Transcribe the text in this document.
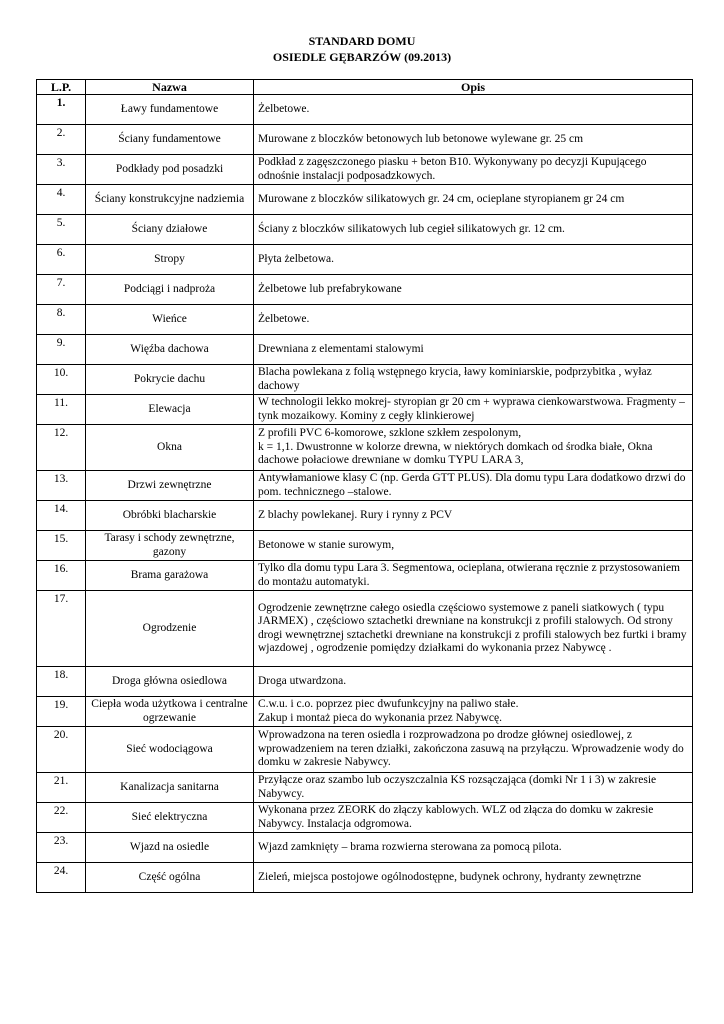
STANDARD DOMU
OSIEDLE GĘBARZÓW (09.2013)
L.P.	Nazwa	Opis
1.	Ławy fundamentowe	Żelbetowe.
2.	Ściany fundamentowe	Murowane z bloczków betonowych lub betonowe wylewane gr. 25 cm
3.	Podkłady pod posadzki	Podkład z zagęszczonego piasku + beton B10. Wykonywany po decyzji Kupującego odnośnie instalacji podposadzkowych.
4.	Ściany konstrukcyjne nadziemia	Murowane z bloczków silikatowych gr. 24 cm, ocieplane styropianem gr 24 cm
5.	Ściany działowe	Ściany z bloczków silikatowych lub cegieł silikatowych gr. 12 cm.
6.	Stropy	Płyta żelbetowa.
7.	Podciągi i nadproża	Żelbetowe lub prefabrykowane
8.	Wieńce	Żelbetowe.
9.	Więźba dachowa	Drewniana z elementami stalowymi
10.	Pokrycie dachu	Blacha powlekana z folią wstępnego krycia, ławy kominiarskie, podprzybitka , wyłaz dachowy
11.	Elewacja	W technologii lekko mokrej- styropian gr 20 cm + wyprawa cienkowarstwowa. Fragmenty – tynk mozaikowy. Kominy z cegły klinkierowej
12.	Okna	Z profili PVC 6-komorowe, szklone szkłem zespolonym,
k = 1,1. Dwustronne w kolorze drewna, w niektórych domkach od środka białe, Okna dachowe połaciowe drewniane w domku TYPU LARA 3,
13.	Drzwi zewnętrzne	Antywłamaniowe klasy C (np. Gerda GTT PLUS). Dla domu typu Lara dodatkowo drzwi do pom. technicznego –stalowe.
14.	Obróbki blacharskie	Z blachy powlekanej. Rury i rynny z PCV
15.	Tarasy i schody zewnętrzne, gazony	Betonowe w stanie surowym,
16.	Brama garażowa	Tylko dla domu typu Lara 3. Segmentowa, ocieplana, otwierana ręcznie z przystosowaniem do montażu automatyki.
17.	Ogrodzenie	Ogrodzenie zewnętrzne całego osiedla częściowo systemowe z paneli siatkowych ( typu JARMEX) , częściowo sztachetki drewniane na konstrukcji z profili stalowych. Od strony drogi wewnętrznej sztachetki drewniane na konstrukcji z profili stalowych bez furtki i bramy wjazdowej , ogrodzenie pomiędzy działkami do wykonania przez Nabywcę .
18.	Droga główna osiedlowa	Droga utwardzona.
19.	Ciepła woda użytkowa i centralne ogrzewanie	C.w.u. i c.o. poprzez piec dwufunkcyjny na paliwo stałe.
Zakup i montaż pieca do wykonania przez Nabywcę.
20.	Sieć wodociągowa	Wprowadzona na teren osiedla i rozprowadzona po drodze głównej osiedlowej, z wprowadzeniem na teren działki, zakończona zasuwą na przyłączu. Wprowadzenie wody do domku w zakresie Nabywcy.
21.	Kanalizacja sanitarna	Przyłącze oraz szambo lub oczyszczalnia KS rozsączająca (domki Nr 1 i 3) w zakresie Nabywcy.
22.	Sieć elektryczna	Wykonana przez ZEORK do złączy kablowych. WLZ od złącza do domku w zakresie Nabywcy. Instalacja odgromowa.
23.	Wjazd na osiedle	Wjazd zamknięty – brama rozwierna sterowana za pomocą pilota.
24.	Część ogólna	Zieleń, miejsca postojowe ogólnodostępne, budynek ochrony, hydranty zewnętrzne
